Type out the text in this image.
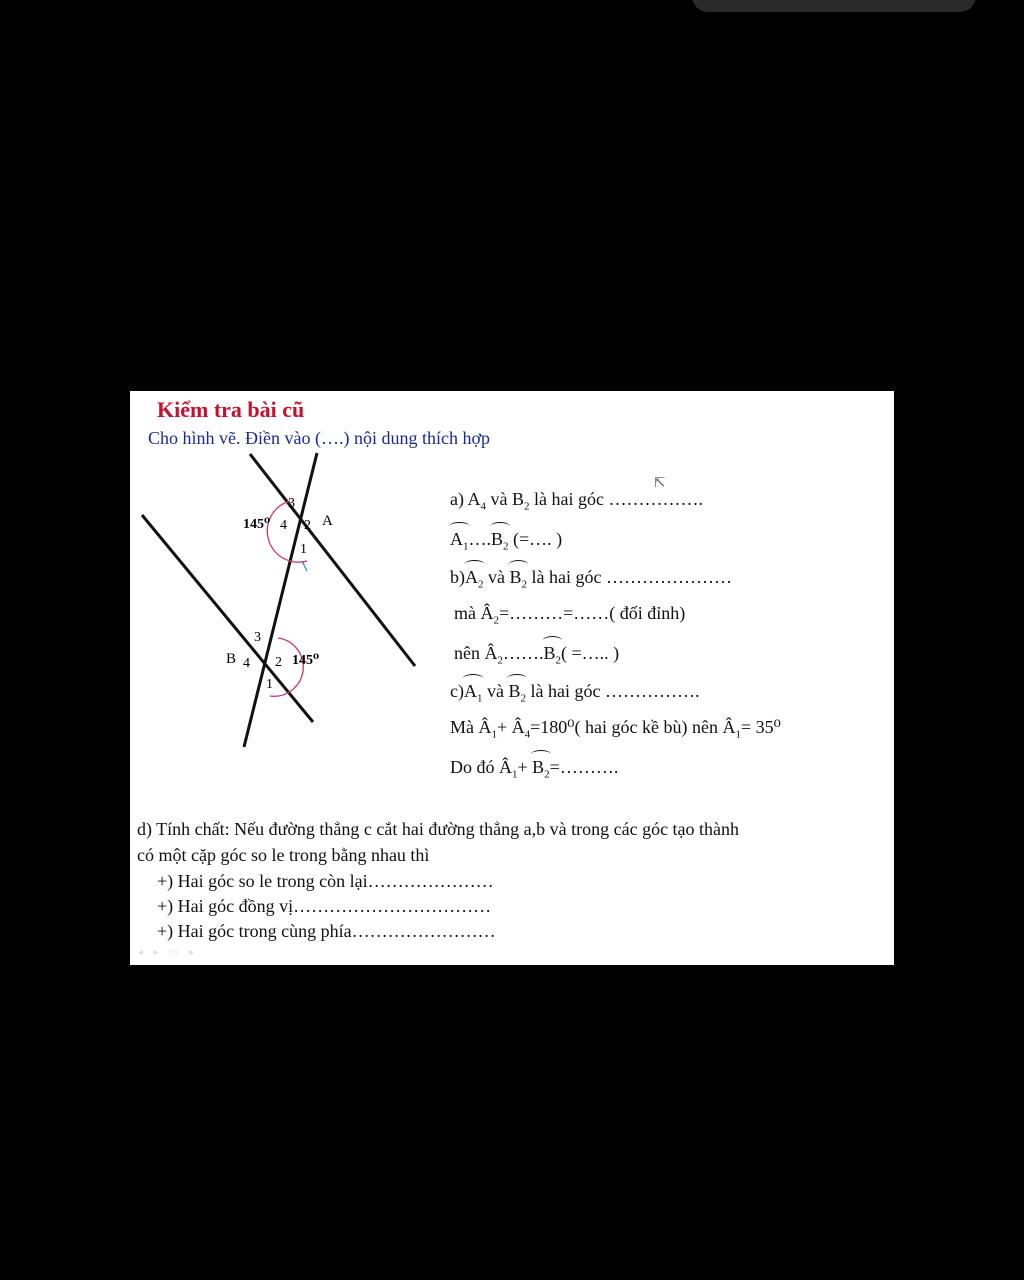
Kiểm tra bài cũ
Cho hình vẽ. Điền vào (….) nội dung thích hợp
3
4 2
1
145⁰	A
3
4 2
1
145⁰
B
⇱
a) $A_4$ và $B_2$ là hai góc …………….
$A_1\dots.B_2$ (=…. )
$b)A_2$ và $B_2$ là hai góc …………………
mà $Â_2=\dots\dots\dots=\dots\dots$( đối đỉnh)
nên $Â_2\dots\dots.B_2$( =….. )
$c)A_1$ và $B_2$ là hai góc …………….
Mà $Â_1+$ $Â_4=180^0$( hai góc kề bù) nên $Â_1= 35^0$
Do đó $Â_1+$ $B_2=\dots\dots\dots$.
d) Tính chất: Nếu đường thẳng c cắt hai đường thẳng a,b và trong các góc tạo thành
có một cặp góc so le trong bằng nhau thì
+) Hai góc so le trong còn lại…………………
+) Hai góc đồng vị……………………………
+) Hai góc trong cùng phía……………………
◂ ▸ ▭ ▸
